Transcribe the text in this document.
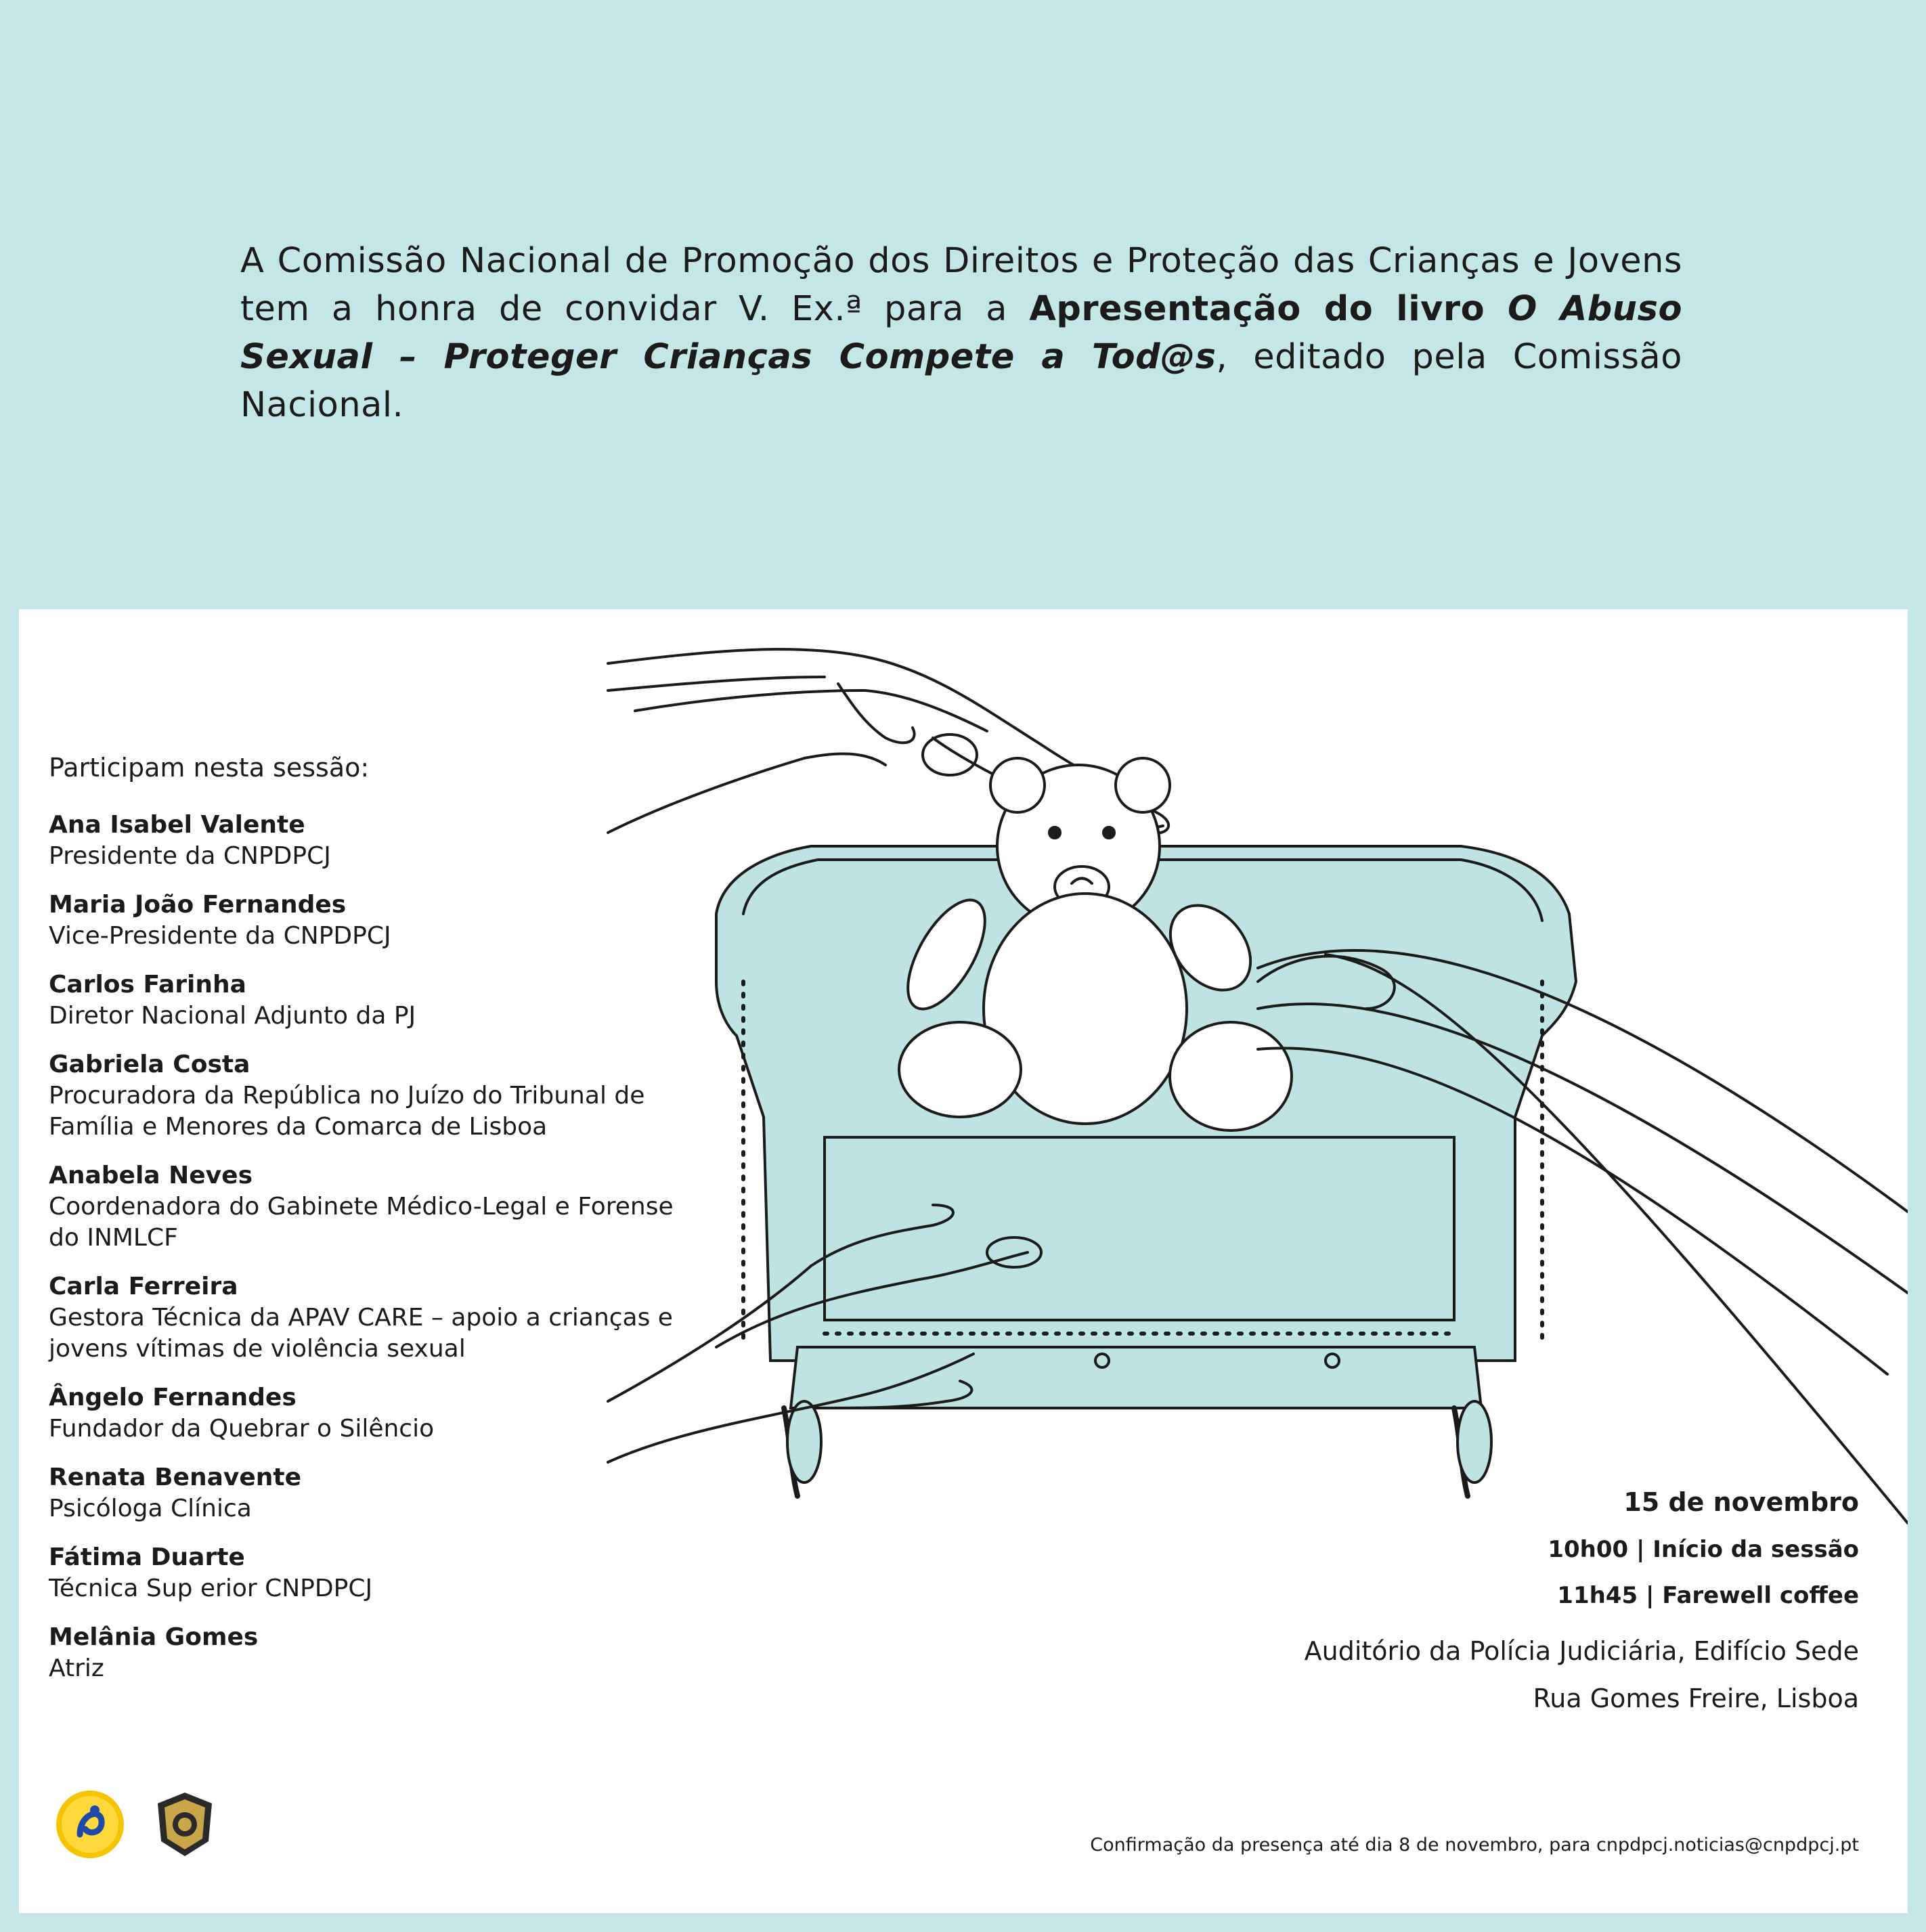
A Comissão Nacional de Promoção dos Direitos e Proteção das Crianças e Jovens tem a honra de convidar V. Ex.ª para a Apresentação do livro O Abuso Sexual – Proteger Crianças Compete a Tod@s, editado pela Comissão Nacional.
Participam nesta sessão:
Ana Isabel Valente
Presidente da CNPDPCJ
Maria João Fernandes
Vice-Presidente da CNPDPCJ
Carlos Farinha
Diretor Nacional Adjunto da PJ
Gabriela Costa
Procuradora da República no Juízo do Tribunal de Família e Menores da Comarca de Lisboa
Anabela Neves
Coordenadora do Gabinete Médico-Legal e Forense do INMLCF
Carla Ferreira
Gestora Técnica da APAV CARE – apoio a crianças e jovens vítimas de violência sexual
Ângelo Fernandes
Fundador da Quebrar o Silêncio
Renata Benavente
Psicóloga Clínica
Fátima Duarte
Técnica Sup erior CNPDPCJ
Melânia Gomes
Atriz
15 de novembro
10h00 | Início da sessão
11h45 | Farewell coffee
Auditório da Polícia Judiciária, Edifício Sede
Rua Gomes Freire, Lisboa
Confirmação da presença até dia 8 de novembro, para cnpdpcj.noticias@cnpdpcj.pt
